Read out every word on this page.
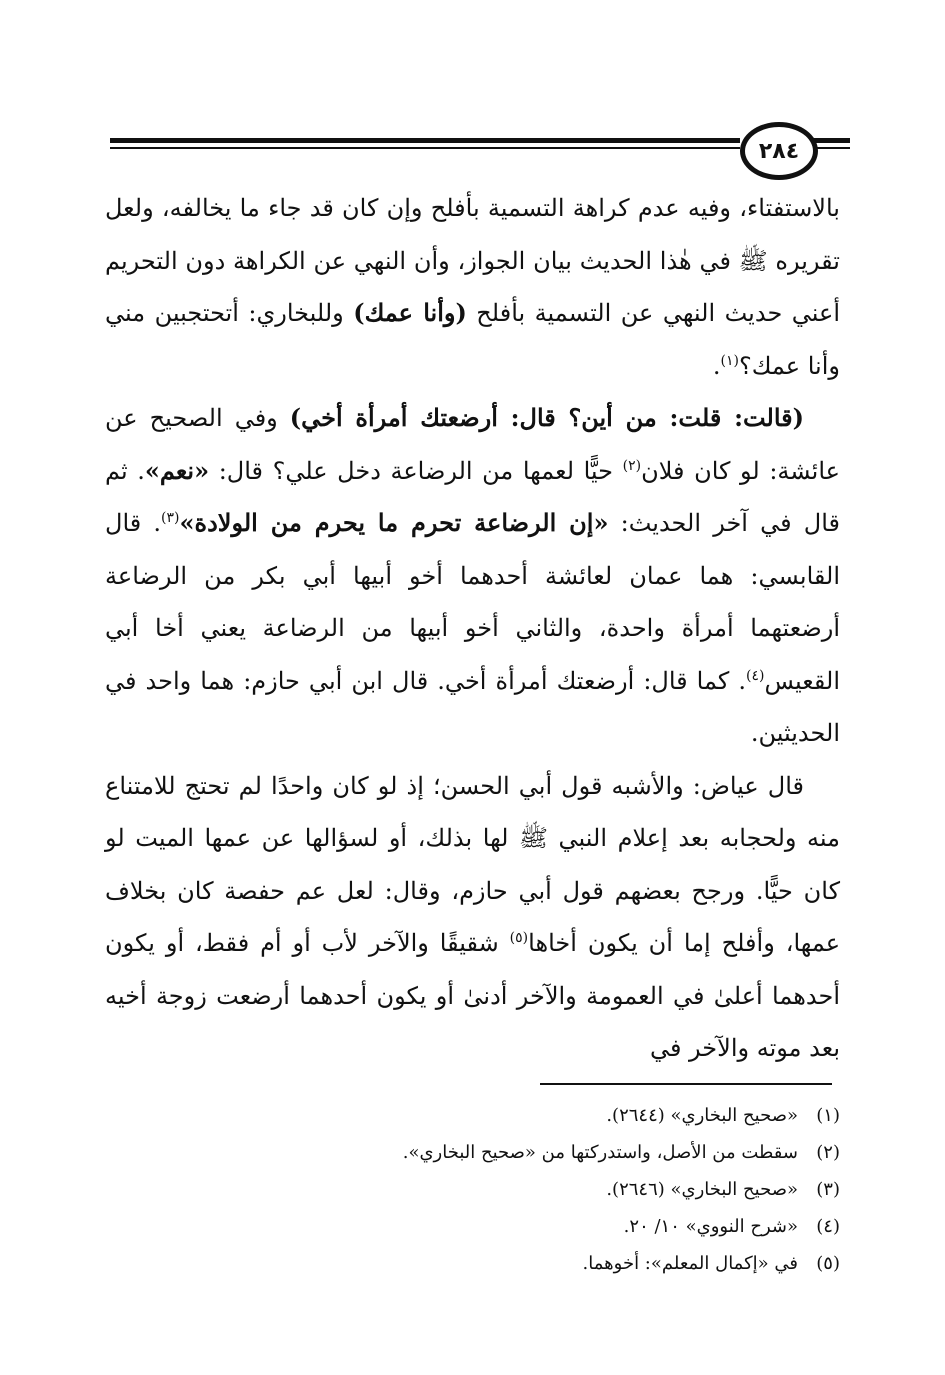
٢٨٤

بالاستفتاء، وفيه عدم كراهة التسمية بأفلح وإن كان قد جاء ما يخالفه، ولعل تقريره ﷺ في هٰذا الحديث بيان الجواز، وأن النهي عن الكراهة دون التحريم أعني حديث النهي عن التسمية بأفلح (وأنا عمك) وللبخاري: أتحتجبين مني وأنا عمك؟$^{(١)}$.

(قالت: قلت: من أين؟ قال: أرضعتك أمرأة أخي) وفي الصحيح عن عائشة: لو كان فلان$^{(٢)}$ حيًّا لعمها من الرضاعة دخل علي؟ قال: «نعم». ثم قال في آخر الحديث: «إن الرضاعة تحرم ما يحرم من الولادة»$^{(٣)}$. قال القابسي: هما عمان لعائشة أحدهما أخو أبيها أبي بكر من الرضاعة أرضعتهما أمرأة واحدة، والثاني أخو أبيها من الرضاعة يعني أخا أبي القعيس$^{(٤)}$. كما قال: أرضعتك أمرأة أخي. قال ابن أبي حازم: هما واحد في الحديثين.

قال عياض: والأشبه قول أبي الحسن؛ إذ لو كان واحدًا لم تحتج للامتناع منه ولحجابه بعد إعلام النبي ﷺ لها بذلك، أو لسؤالها عن عمها الميت لو كان حيًّا. ورجح بعضهم قول أبي حازم، وقال: لعل عم حفصة كان بخلاف عمها، وأفلح إما أن يكون أخاها$^{(٥)}$ شقيقًا والآخر لأب أو أم فقط، أو يكون أحدهما أعلىٰ في العمومة والآخر أدنىٰ أو يكون أحدهما أرضعت زوجة أخيه بعد موته والآخر في

(١)«صحيح البخاري» (٢٦٤٤).
(٢)سقطت من الأصل، واستدركتها من «صحيح البخاري».
(٣)«صحيح البخاري» (٢٦٤٦).
(٤)«شرح النووي» ١٠/ ٢٠.
(٥)في «إكمال المعلم»: أخوهما.
